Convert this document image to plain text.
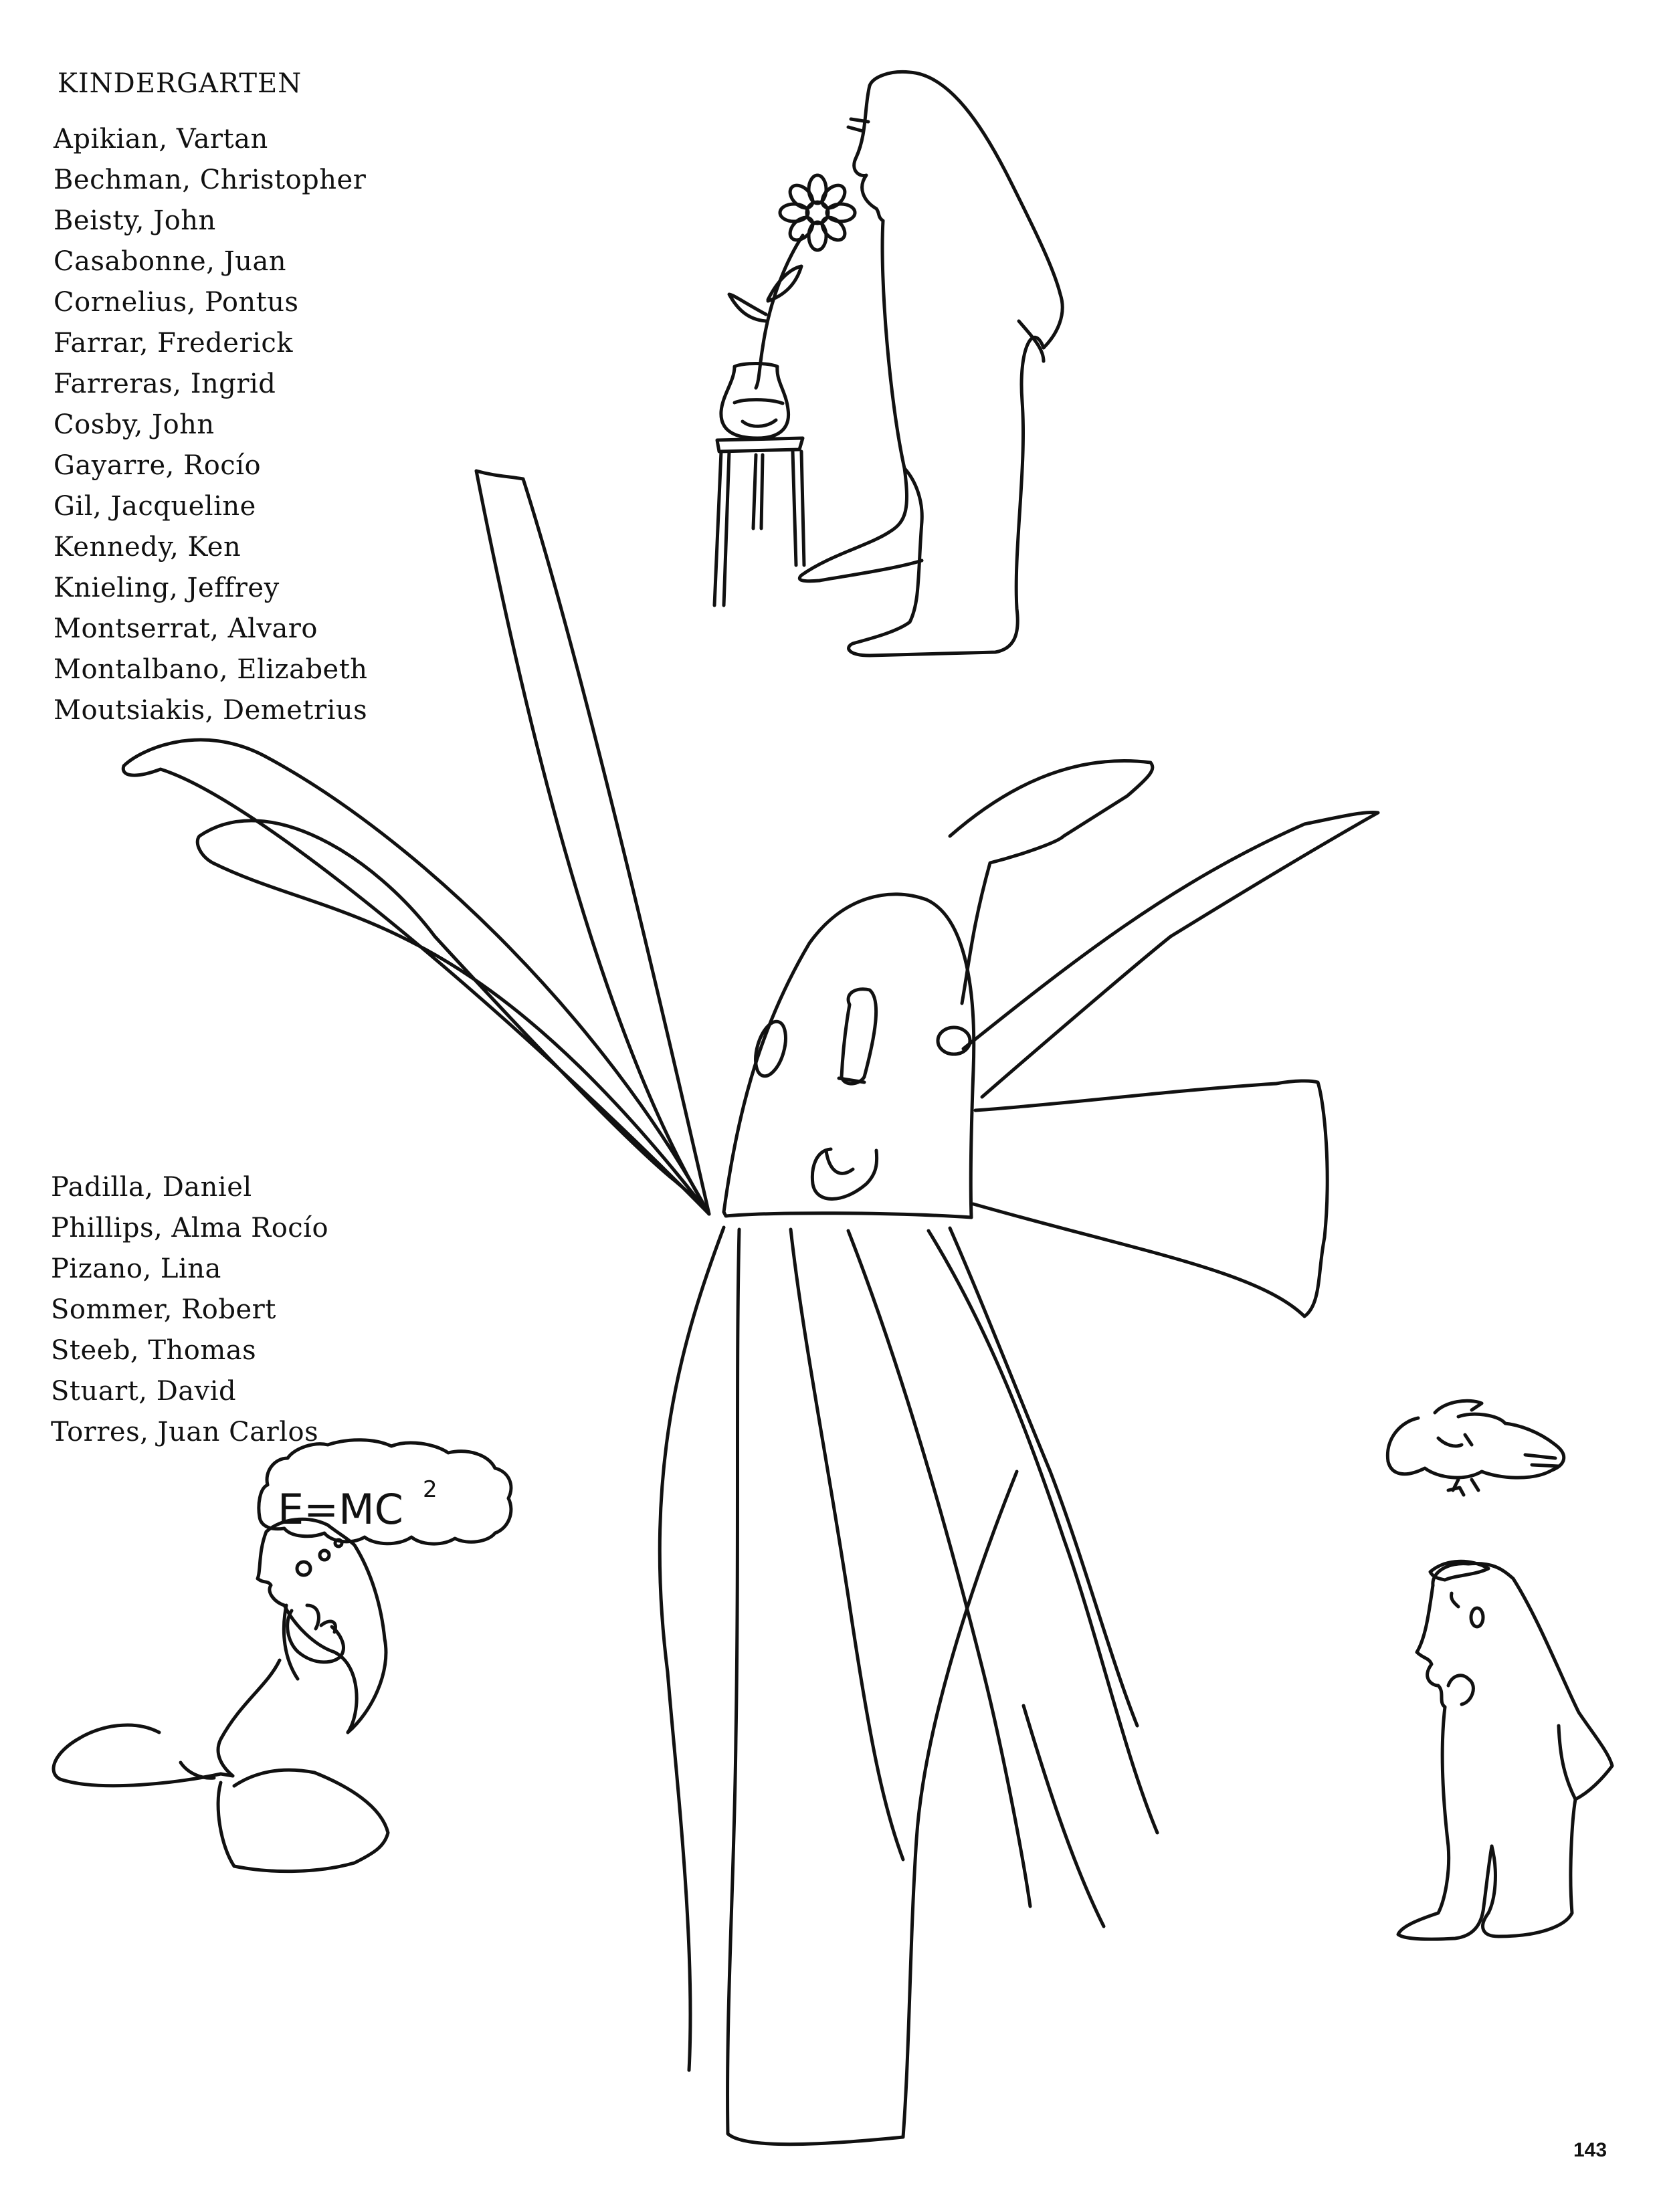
KINDERGARTEN
Apikian, Vartan
Bechman, Christopher
Beisty, John
Casabonne, Juan
Cornelius, Pontus
Farrar, Frederick
Farreras, Ingrid
Cosby, John
Gayarre, Rocío
Gil, Jacqueline
Kennedy, Ken
Knieling, Jeffrey
Montserrat, Alvaro
Montalbano, Elizabeth
Moutsiakis, Demetrius
Padilla, Daniel
Phillips, Alma Rocío
Pizano, Lina
Sommer, Robert
Steeb, Thomas
Stuart, David
Torres, Juan Carlos
E=MC 2
143
